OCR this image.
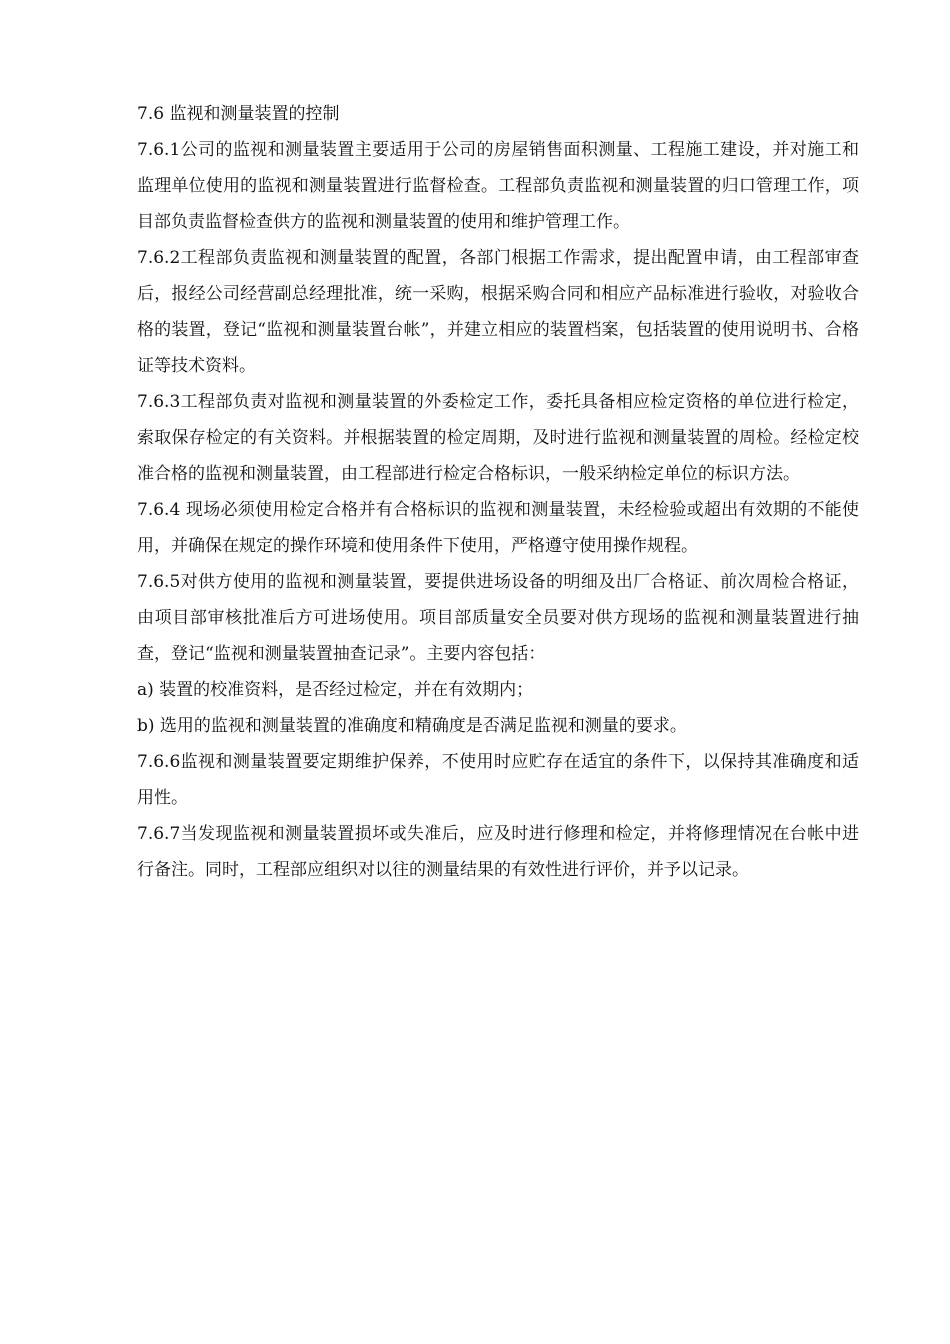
7.6 监视和测量装置的控制

7.6.1公司的监视和测量装置主要适用于公司的房屋销售面积测量、工程施工建设，并对施工和监理单位使用的监视和测量装置进行监督检查。工程部负责监视和测量装置的归口管理工作，项目部负责监督检查供方的监视和测量装置的使用和维护管理工作。

7.6.2工程部负责监视和测量装置的配置，各部门根据工作需求，提出配置申请，由工程部审查后，报经公司经营副总经理批准，统一采购，根据采购合同和相应产品标准进行验收，对验收合格的装置，登记“监视和测量装置台帐”，并建立相应的装置档案，包括装置的使用说明书、合格证等技术资料。

7.6.3工程部负责对监视和测量装置的外委检定工作，委托具备相应检定资格的单位进行检定，索取保存检定的有关资料。并根据装置的检定周期，及时进行监视和测量装置的周检。经检定校准合格的监视和测量装置，由工程部进行检定合格标识，一般采纳检定单位的标识方法。

7.6.4 现场必须使用检定合格并有合格标识的监视和测量装置，未经检验或超出有效期的不能使用，并确保在规定的操作环境和使用条件下使用，严格遵守使用操作规程。

7.6.5对供方使用的监视和测量装置，要提供进场设备的明细及出厂合格证、前次周检合格证，由项目部审核批准后方可进场使用。项目部质量安全员要对供方现场的监视和测量装置进行抽查，登记“监视和测量装置抽查记录”。主要内容包括：

a) 装置的校准资料，是否经过检定，并在有效期内；

b) 选用的监视和测量装置的准确度和精确度是否满足监视和测量的要求。

7.6.6监视和测量装置要定期维护保养，不使用时应贮存在适宜的条件下，以保持其准确度和适用性。

7.6.7当发现监视和测量装置损坏或失准后，应及时进行修理和检定，并将修理情况在台帐中进行备注。同时，工程部应组织对以往的测量结果的有效性进行评价，并予以记录。
